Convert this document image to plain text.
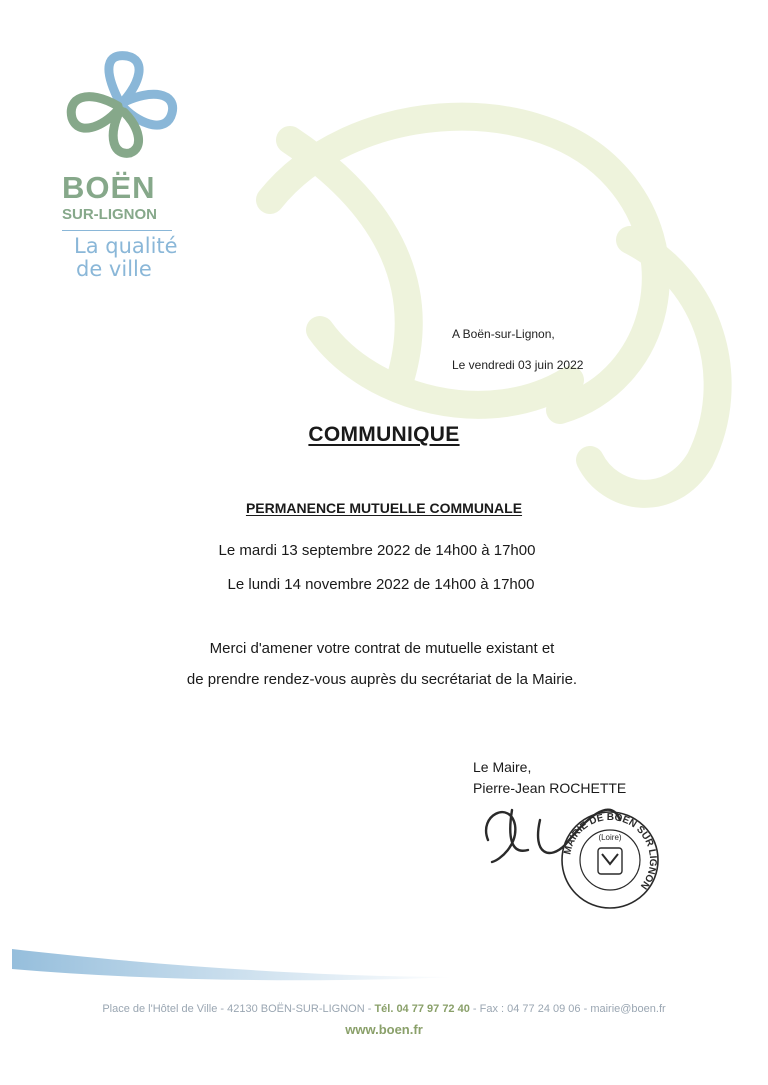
BOËN
SUR-LIGNON
La qualité
de ville
A Boën-sur-Lignon,
Le vendredi 03 juin 2022
COMMUNIQUE
PERMANENCE MUTUELLE COMMUNALE
Le mardi 13 septembre 2022 de 14h00 à 17h00
Le lundi 14 novembre 2022 de 14h00 à 17h00
Merci d'amener votre contrat de mutuelle existant et
de prendre rendez-vous auprès du secrétariat de la Mairie.
Le Maire,
Pierre-Jean ROCHETTE
MAIRIE DE BOËN SUR LIGNON
(Loire)
Place de l'Hôtel de Ville - 42130 BOËN-SUR-LIGNON - Tél. 04 77 97 72 40 - Fax : 04 77 24 09 06 - mairie@boen.fr
www.boen.fr
